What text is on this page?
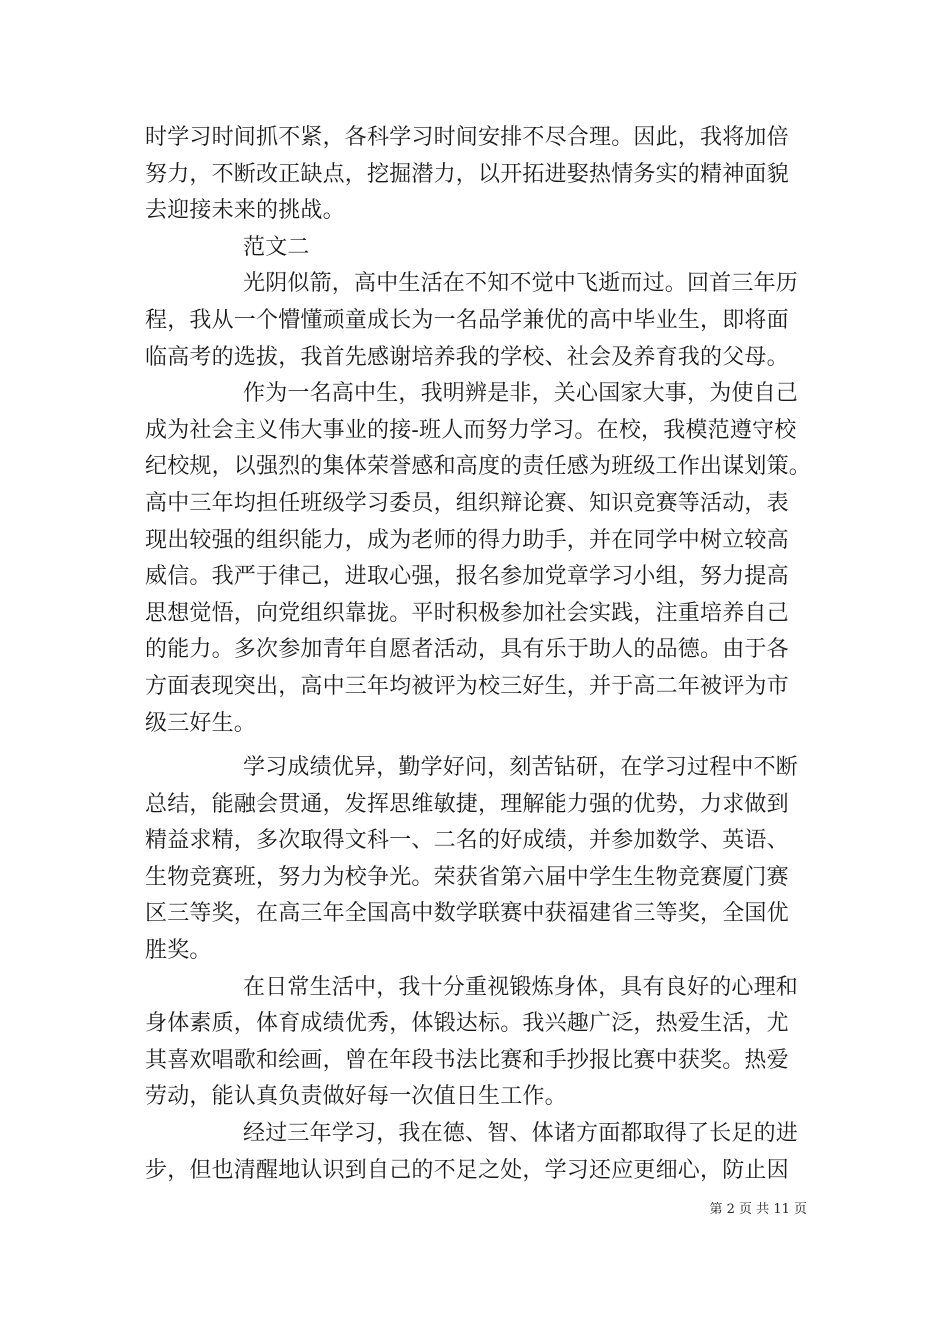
时学习时间抓不紧，各科学习时间安排不尽合理。因此，我将加倍
努力，不断改正缺点，挖掘潜力，以开拓进娶热情务实的精神面貌
去迎接未来的挑战。
范文二
光阴似箭，高中生活在不知不觉中飞逝而过。回首三年历
程，我从一个懵懂顽童成长为一名品学兼优的高中毕业生，即将面
临高考的选拔，我首先感谢培养我的学校、社会及养育我的父母。
作为一名高中生，我明辨是非，关心国家大事，为使自己
成为社会主义伟大事业的接-班人而努力学习。在校，我模范遵守校
纪校规，以强烈的集体荣誉感和高度的责任感为班级工作出谋划策。
高中三年均担任班级学习委员，组织辩论赛、知识竞赛等活动，表
现出较强的组织能力，成为老师的得力助手，并在同学中树立较高
威信。我严于律己，进取心强，报名参加党章学习小组，努力提高
思想觉悟，向党组织靠拢。平时积极参加社会实践，注重培养自己
的能力。多次参加青年自愿者活动，具有乐于助人的品德。由于各
方面表现突出，高中三年均被评为校三好生，并于高二年被评为市
级三好生。
学习成绩优异，勤学好问，刻苦钻研，在学习过程中不断
总结，能融会贯通，发挥思维敏捷，理解能力强的优势，力求做到
精益求精，多次取得文科一、二名的好成绩，并参加数学、英语、
生物竞赛班，努力为校争光。荣获省第六届中学生生物竞赛厦门赛
区三等奖，在高三年全国高中数学联赛中获福建省三等奖，全国优
胜奖。
在日常生活中，我十分重视锻炼身体，具有良好的心理和
身体素质，体育成绩优秀，体锻达标。我兴趣广泛，热爱生活，尤
其喜欢唱歌和绘画，曾在年段书法比赛和手抄报比赛中获奖。热爱
劳动，能认真负责做好每一次值日生工作。
经过三年学习，我在德、智、体诸方面都取得了长足的进
步，但也清醒地认识到自己的不足之处，学习还应更细心，防止因
第 2 页 共 11 页
